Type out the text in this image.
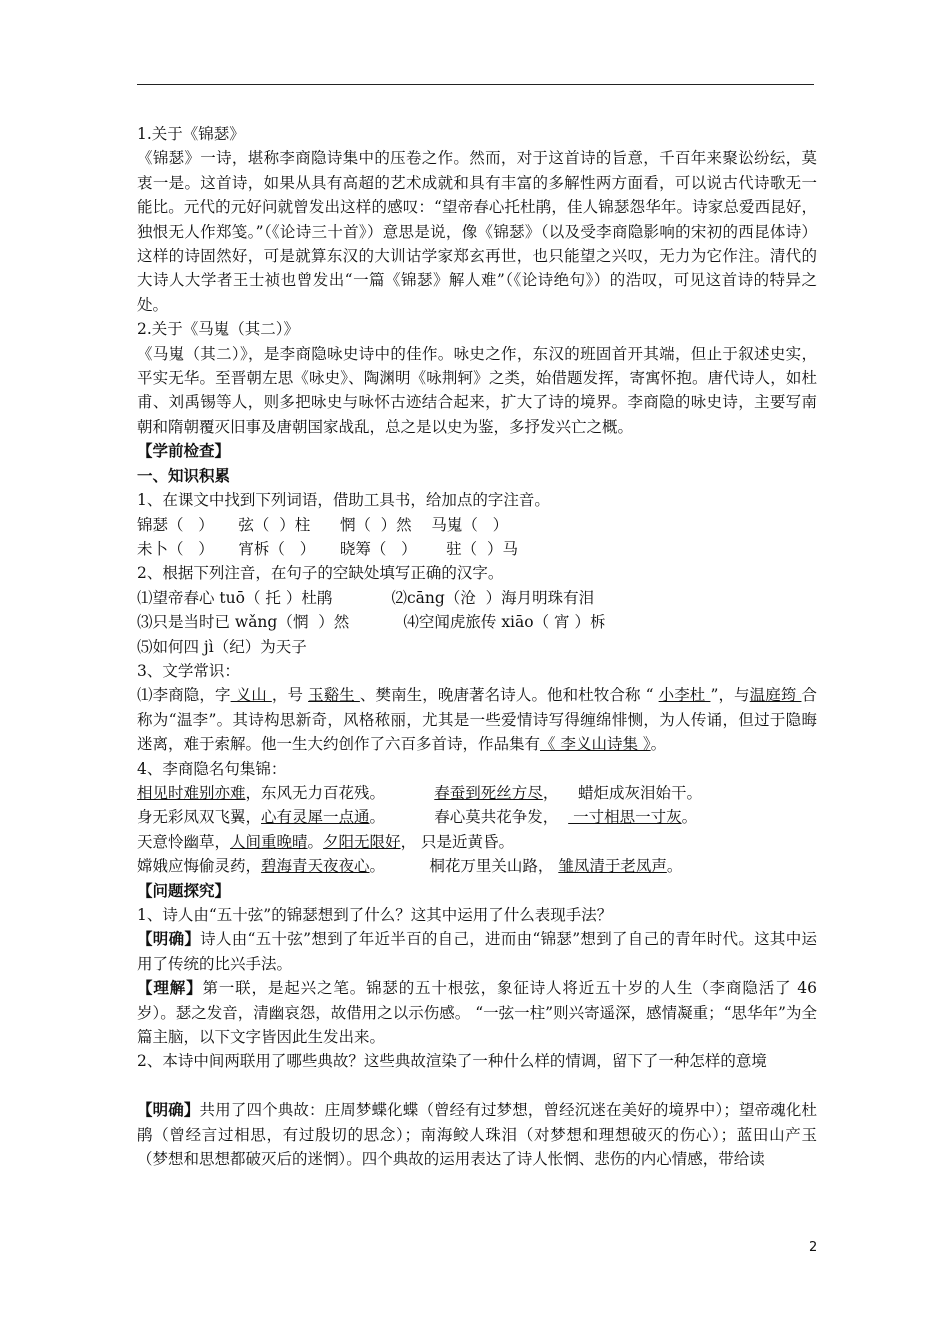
1.关于《锦瑟》

《锦瑟》一诗，堪称李商隐诗集中的压卷之作。然而，对于这首诗的旨意，千百年来聚讼纷纭，莫衷一是。这首诗，如果从具有高超的艺术成就和具有丰富的多解性两方面看，可以说古代诗歌无一能比。元代的元好问就曾发出这样的感叹：“望帝春心托杜鹃，佳人锦瑟怨华年。诗家总爱西昆好，独恨无人作郑笺。”（《论诗三十首》）意思是说，像《锦瑟》（以及受李商隐影响的宋初的西昆体诗）这样的诗固然好，可是就算东汉的大训诂学家郑玄再世，也只能望之兴叹，无力为它作注。清代的大诗人大学者王士祯也曾发出“一篇《锦瑟》解人难”（《论诗绝句》）的浩叹，可见这首诗的特异之处。

2.关于《马嵬（其二）》

《马嵬（其二）》，是李商隐咏史诗中的佳作。咏史之作，东汉的班固首开其端，但止于叙述史实，平实无华。至晋朝左思《咏史》、陶渊明《咏荆轲》之类，始借题发挥，寄寓怀抱。唐代诗人，如杜甫、刘禹锡等人，则多把咏史与咏怀古迹结合起来，扩大了诗的境界。李商隐的咏史诗，主要写南朝和隋朝覆灭旧事及唐朝国家战乱，总之是以史为鉴，多抒发兴亡之概。

【学前检查】

一、知识积累

1、在课文中找到下列词语，借助工具书，给加点的字注音。

锦瑟（   ）     弦（  ）柱      惘（  ）然    马嵬（   ）

未卜（   ）     宵柝（   ）     晓筹（   ）      驻（  ）马

2、根据下列注音，在句子的空缺处填写正确的汉字。

⑴望帝春心 tuō（ 托 ）杜鹃            ⑵cāng（沧  ）海月明珠有泪

⑶只是当时已 wǎng（惘  ）然           ⑷空闻虎旅传 xiāo（ 宵 ）柝

⑸如何四 jì（纪）为天子

3、文学常识：

⑴李商隐，字 义山 ，号 玉谿生 、樊南生，晚唐著名诗人。他和杜牧合称 “ 小李杜 ”，与温庭筠 合称为“温李”。其诗构思新奇，风格秾丽，尤其是一些爱情诗写得缠绵悱恻，为人传诵，但过于隐晦迷离，难于索解。他一生大约创作了六百多首诗，作品集有《 李义山诗集 》。

4、李商隐名句集锦：

相见时难别亦难，东风无力百花残。          春蚕到死丝方尽，    蜡炬成灰泪始干。

身无彩凤双飞翼，心有灵犀一点通。          春心莫共花争发，   一寸相思一寸灰。

天意怜幽草，人间重晚晴。夕阳无限好， 只是近黄昏。

嫦娥应悔偷灵药，碧海青天夜夜心。         桐花万里关山路， 雏凤清于老凤声。

【问题探究】

1、诗人由“五十弦”的锦瑟想到了什么？这其中运用了什么表现手法？

【明确】诗人由“五十弦”想到了年近半百的自己，进而由“锦瑟”想到了自己的青年时代。这其中运用了传统的比兴手法。

【理解】第一联，是起兴之笔。锦瑟的五十根弦，象征诗人将近五十岁的人生（李商隐活了 46 岁）。瑟之发音，清幽哀怨，故借用之以示伤感。 “一弦一柱”则兴寄遥深，感情凝重；“思华年”为全篇主脑，以下文字皆因此生发出来。

2、本诗中间两联用了哪些典故？这些典故渲染了一种什么样的情调，留下了一种怎样的意境

【明确】共用了四个典故：庄周梦蝶化蝶（曾经有过梦想，曾经沉迷在美好的境界中）；望帝魂化杜鹃（曾经言过相思，有过殷切的思念）；南海鲛人珠泪（对梦想和理想破灭的伤心）；蓝田山产玉（梦想和思想都破灭后的迷惘）。四个典故的运用表达了诗人怅惘、悲伤的内心情感，带给读

2
